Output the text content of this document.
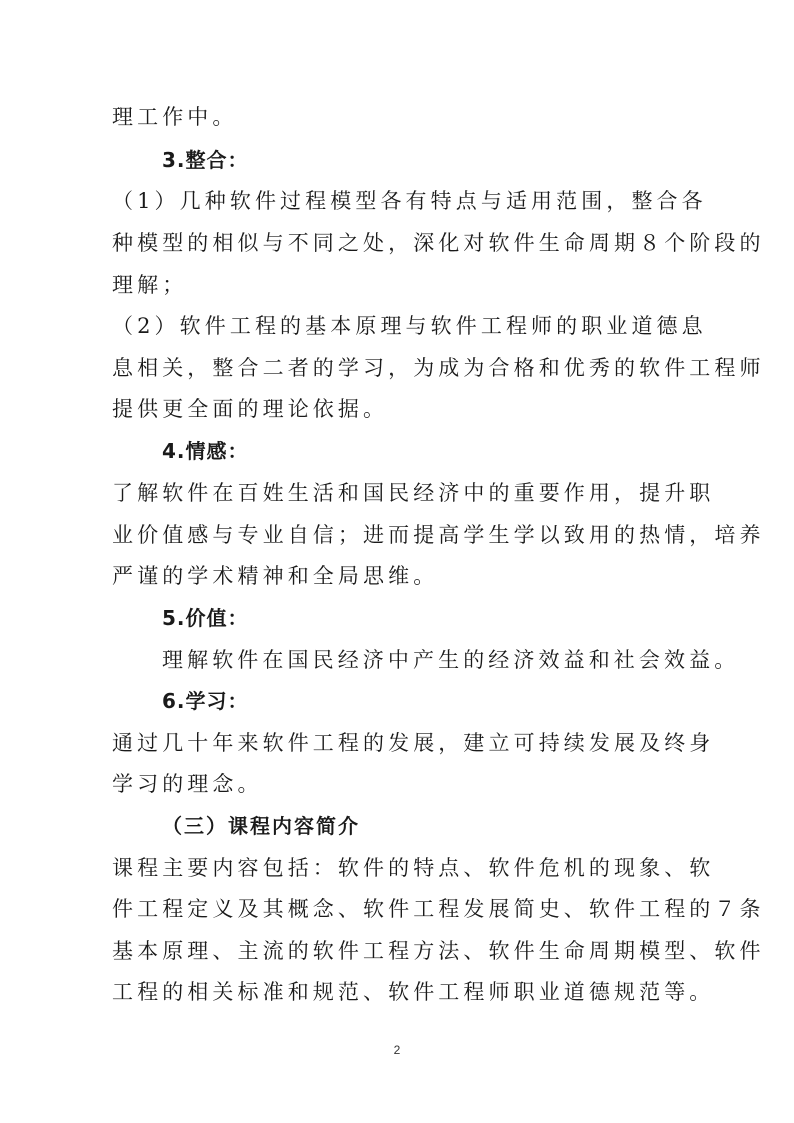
理工作中。
3.整合：
（1）几种软件过程模型各有特点与适用范围，整合各
种模型的相似与不同之处，深化对软件生命周期８个阶段的
理解；
（2）软件工程的基本原理与软件工程师的职业道德息
息相关，整合二者的学习，为成为合格和优秀的软件工程师
提供更全面的理论依据。
4.情感：
了解软件在百姓生活和国民经济中的重要作用，提升职
业价值感与专业自信；进而提高学生学以致用的热情，培养
严谨的学术精神和全局思维。
5.价值：
理解软件在国民经济中产生的经济效益和社会效益。
6.学习：
通过几十年来软件工程的发展，建立可持续发展及终身
学习的理念。
（三）课程内容简介
课程主要内容包括：软件的特点、软件危机的现象、软
件工程定义及其概念、软件工程发展简史、软件工程的７条
基本原理、主流的软件工程方法、软件生命周期模型、软件
工程的相关标准和规范、软件工程师职业道德规范等。
2
